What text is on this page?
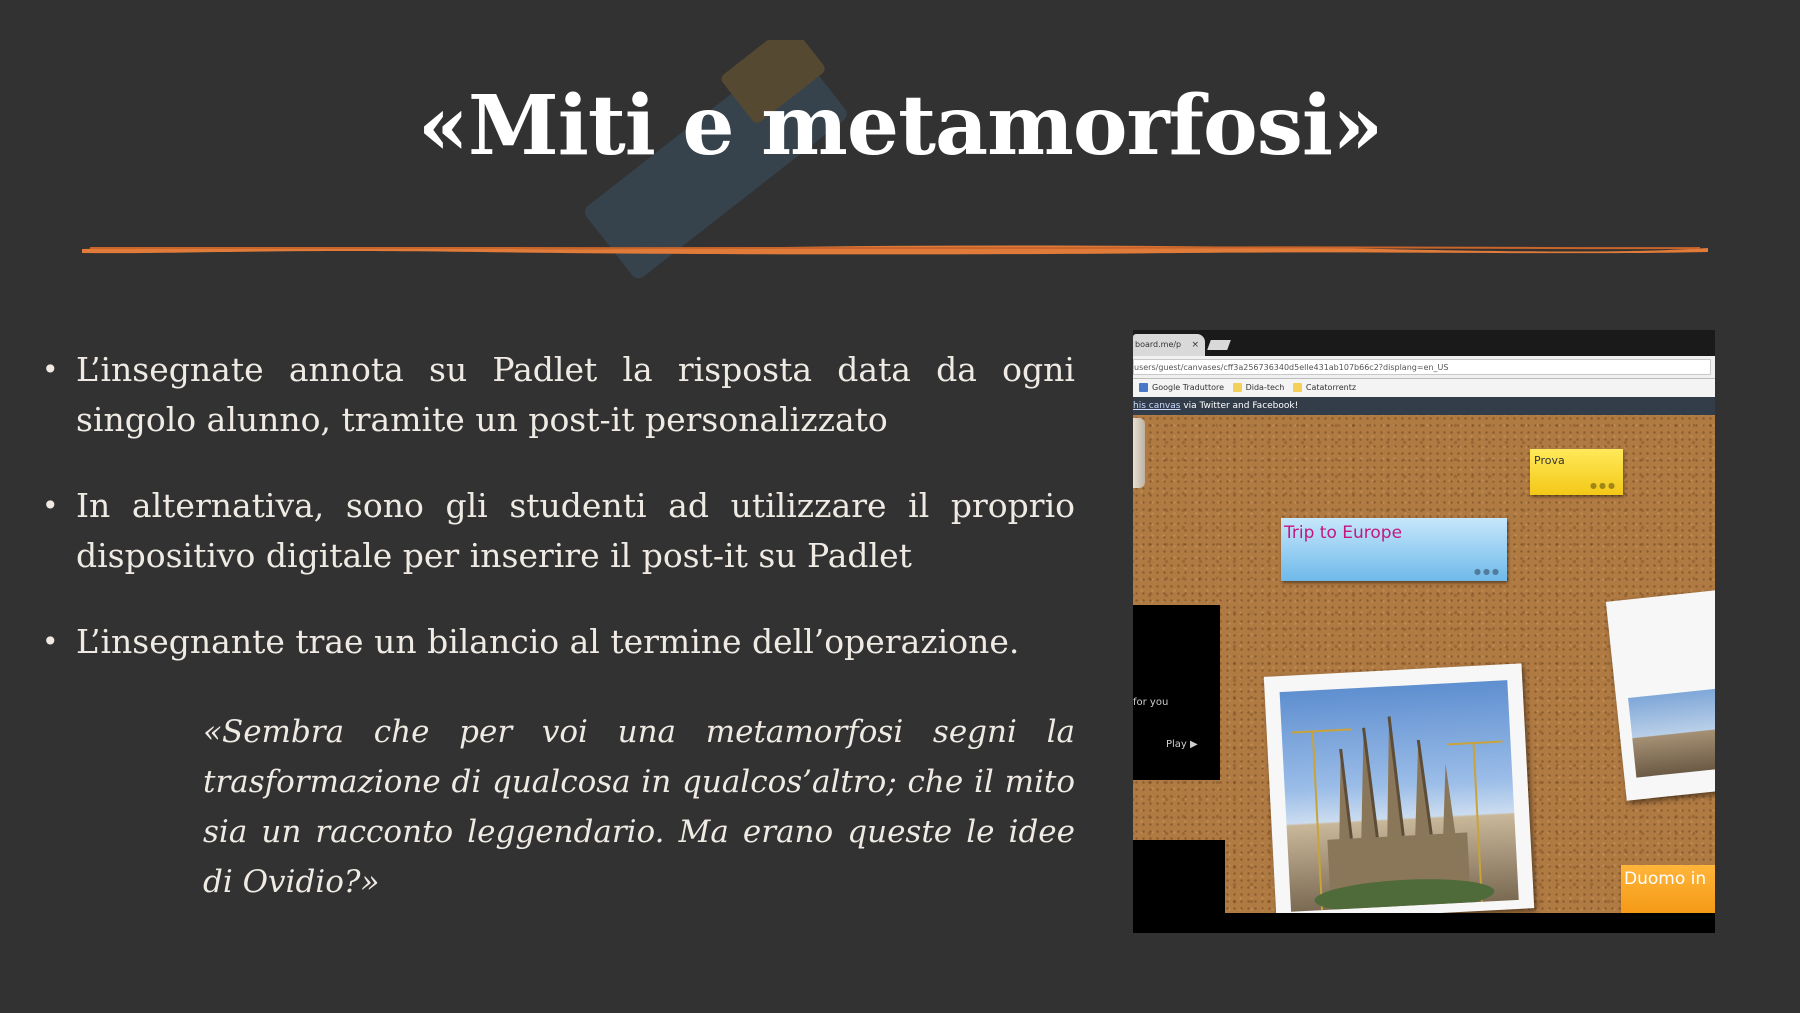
«Miti e metamorfosi»
• L’insegnate annota su Padlet la risposta data da ogni singolo alunno, tramite un post-it personalizzato
• In alternativa, sono gli studenti ad utilizzare il proprio dispositivo digitale per inserire il post-it su Padlet
• L’insegnante trae un bilancio al termine dell’operazione.

«Sembra che per voi una metamorfosi segni la trasformazione di qualcosa in qualcos’altro; che il mito sia un racconto leggendario. Ma erano queste le idee di Ovidio?»

board.me/p ×
users/guest/canvases/cff3a256736340d5elle431ab107b66c2?displang=en_US
Google Traduttore	Dida-tech	Catatorrentz
his canvas via Twitter and Facebook!
Prova
●●●
Trip to Europe
●●●
for you
Play ▶
Duomo in
